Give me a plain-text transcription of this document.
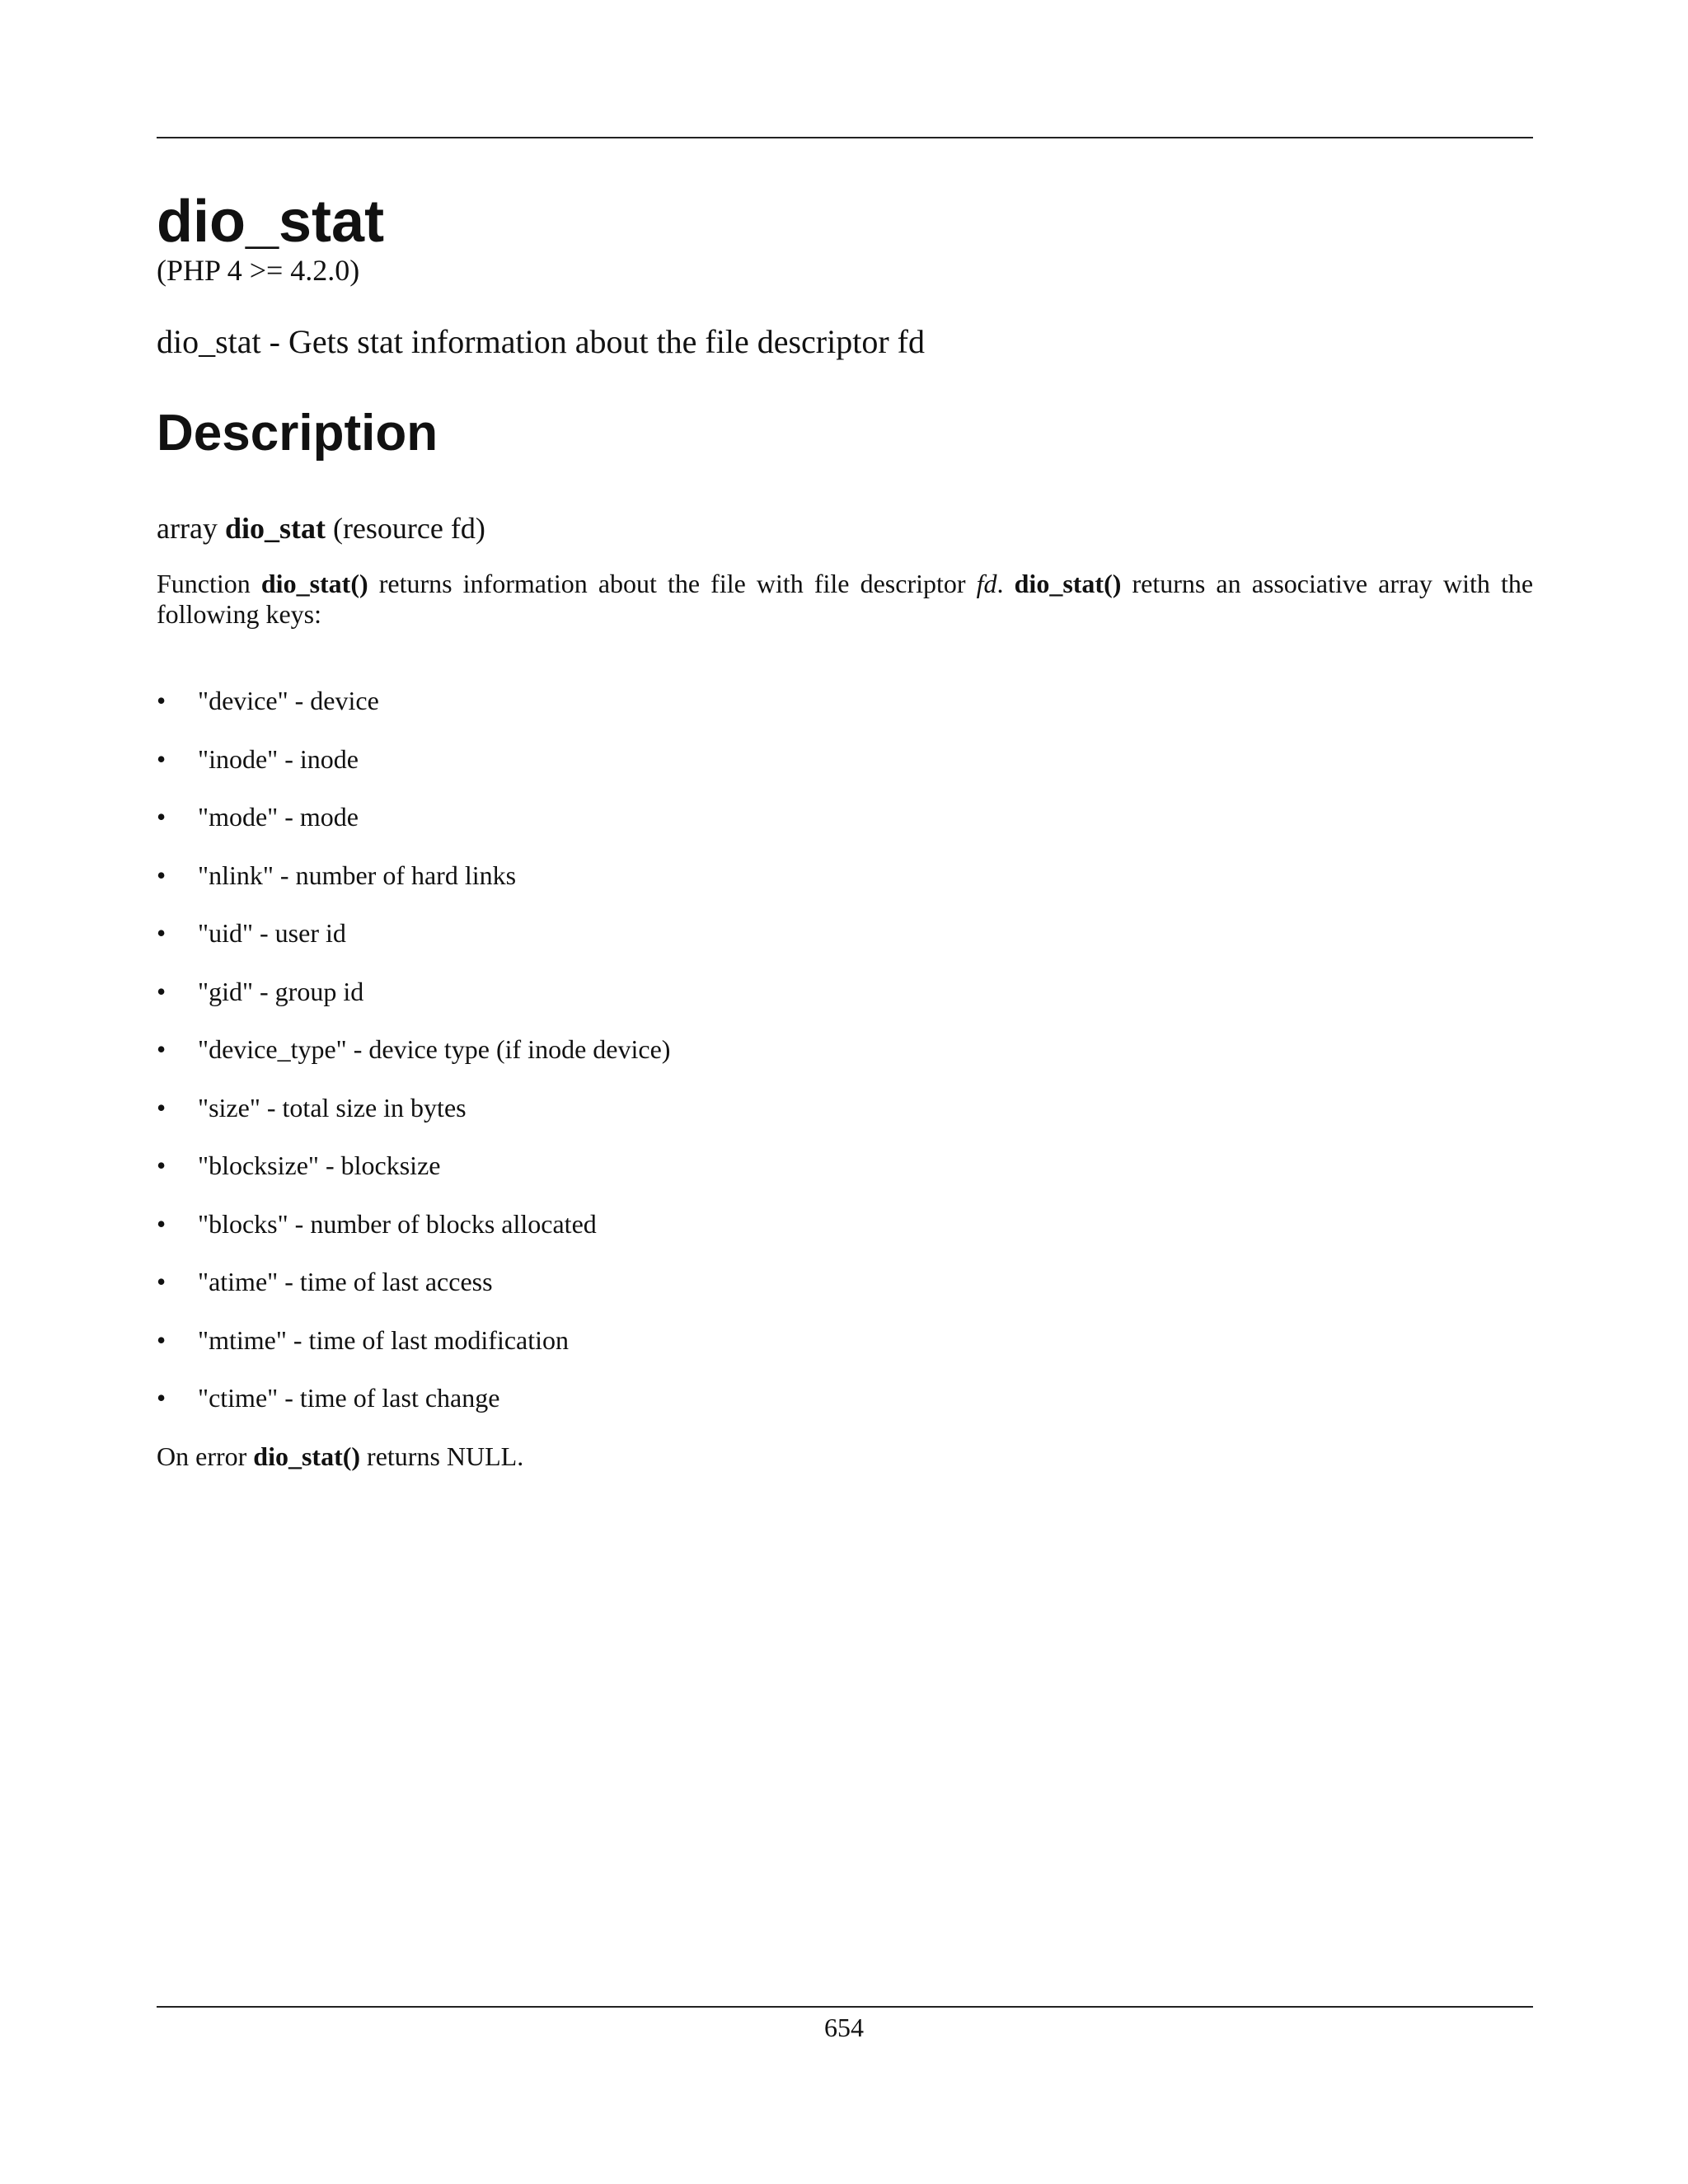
dio_stat
(PHP 4 >= 4.2.0)
dio_stat - Gets stat information about the file descriptor fd
Description
array dio_stat (resource fd)

Function dio_stat() returns information about the file with file descriptor fd. dio_stat() returns an associative array with the following keys:

• "device" - device
• "inode" - inode
• "mode" - mode
• "nlink" - number of hard links
• "uid" - user id
• "gid" - group id
• "device_type" - device type (if inode device)
• "size" - total size in bytes
• "blocksize" - blocksize
• "blocks" - number of blocks allocated
• "atime" - time of last access
• "mtime" - time of last modification
• "ctime" - time of last change

On error dio_stat() returns NULL.

654
